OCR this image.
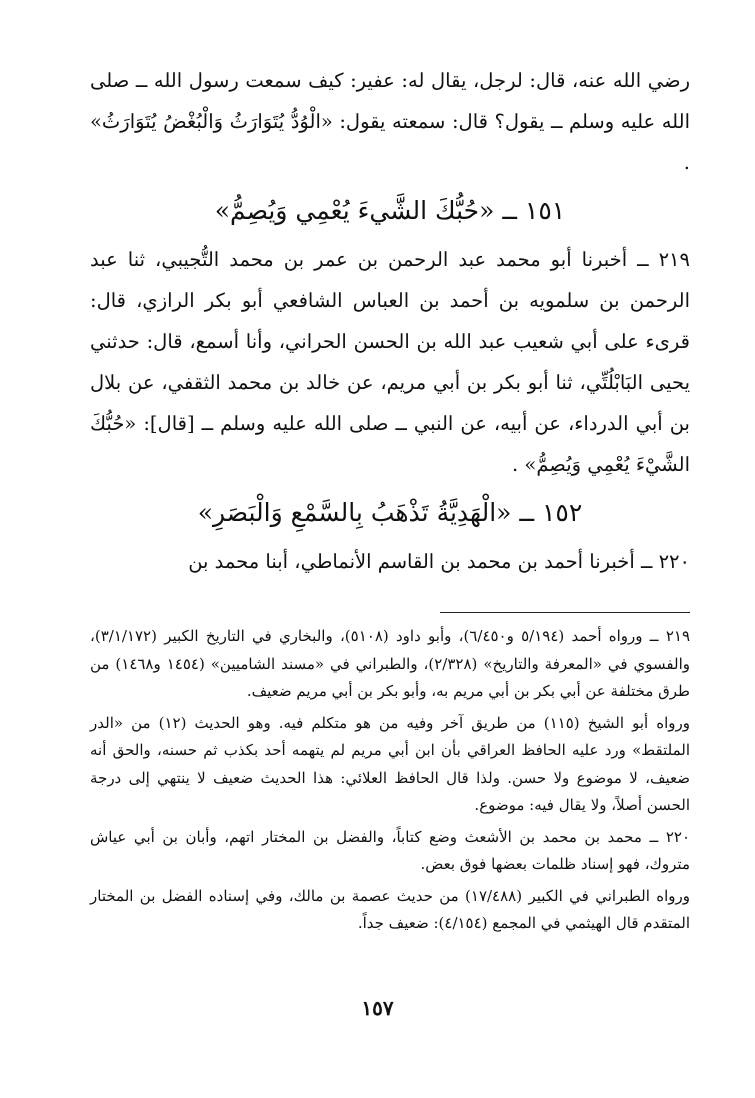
رضي الله عنه، قال: لرجل، يقال له: عفير: كيف سمعت رسول الله ــ صلى الله عليه وسلم ــ يقول؟ قال: سمعته يقول: «الْوُدُّ يُتَوَارَثُ وَالْبُغْضُ يُتَوَارَثُ» .

١٥١ ــ «حُبُّكَ الشَّيءَ يُعْمِي وَيُصِمُّ»

٢١٩ ــ أخبرنا أبو محمد عبد الرحمن بن عمر بن محمد التُّجيبي، ثنا عبد الرحمن بن سلمويه بن أحمد بن العباس الشافعي أبو بكر الرازي، قال: قرىء على أبي شعيب عبد الله بن الحسن الحراني، وأنا أسمع، قال: حدثني يحيى البَابْلُتِّي، ثنا أبو بكر بن أبي مريم، عن خالد بن محمد الثقفي، عن بلال بن أبي الدرداء، عن أبيه، عن النبي ــ صلى الله عليه وسلم ــ [قال]: «حُبُّكَ الشَّيْءَ يُعْمِي وَيُصِمُّ» .

١٥٢ ــ «الْهَدِيَّةُ تَذْهَبُ بِالسَّمْعِ وَالْبَصَرِ»

٢٢٠ ــ أخبرنا أحمد بن محمد بن القاسم الأنماطي، أبنا محمد بن

٢١٩ ــ ورواه أحمد (٥/١٩٤ و٦/٤٥٠)، وأبو داود (٥١٠٨)، والبخاري في التاريخ الكبير (٣/١/١٧٢)، والفسوي في «المعرفة والتاريخ» (٢/٣٢٨)، والطبراني في «مسند الشاميين» (١٤٥٤ و١٤٦٨) من طرق مختلفة عن أبي بكر بن أبي مريم به، وأبو بكر بن أبي مريم ضعيف.

ورواه أبو الشيخ (١١٥) من طريق آخر وفيه من هو متكلم فيه. وهو الحديث (١٢) من «الدر الملتقط» ورد عليه الحافظ العراقي بأن ابن أبي مريم لم يتهمه أحد بكذب ثم حسنه، والحق أنه ضعيف، لا موضوع ولا حسن. ولذا قال الحافظ العلائي: هذا الحديث ضعيف لا ينتهي إلى درجة الحسن أصلاً، ولا يقال فيه: موضوع.

٢٢٠ ــ محمد بن محمد بن الأشعث وضع كتاباً، والفضل بن المختار اتهم، وأبان بن أبي عياش متروك، فهو إسناد ظلمات بعضها فوق بعض.

ورواه الطبراني في الكبير (١٧/٤٨٨) من حديث عصمة بن مالك، وفي إسناده الفضل بن المختار المتقدم قال الهيثمي في المجمع (٤/١٥٤): ضعيف جداً.

١٥٧
